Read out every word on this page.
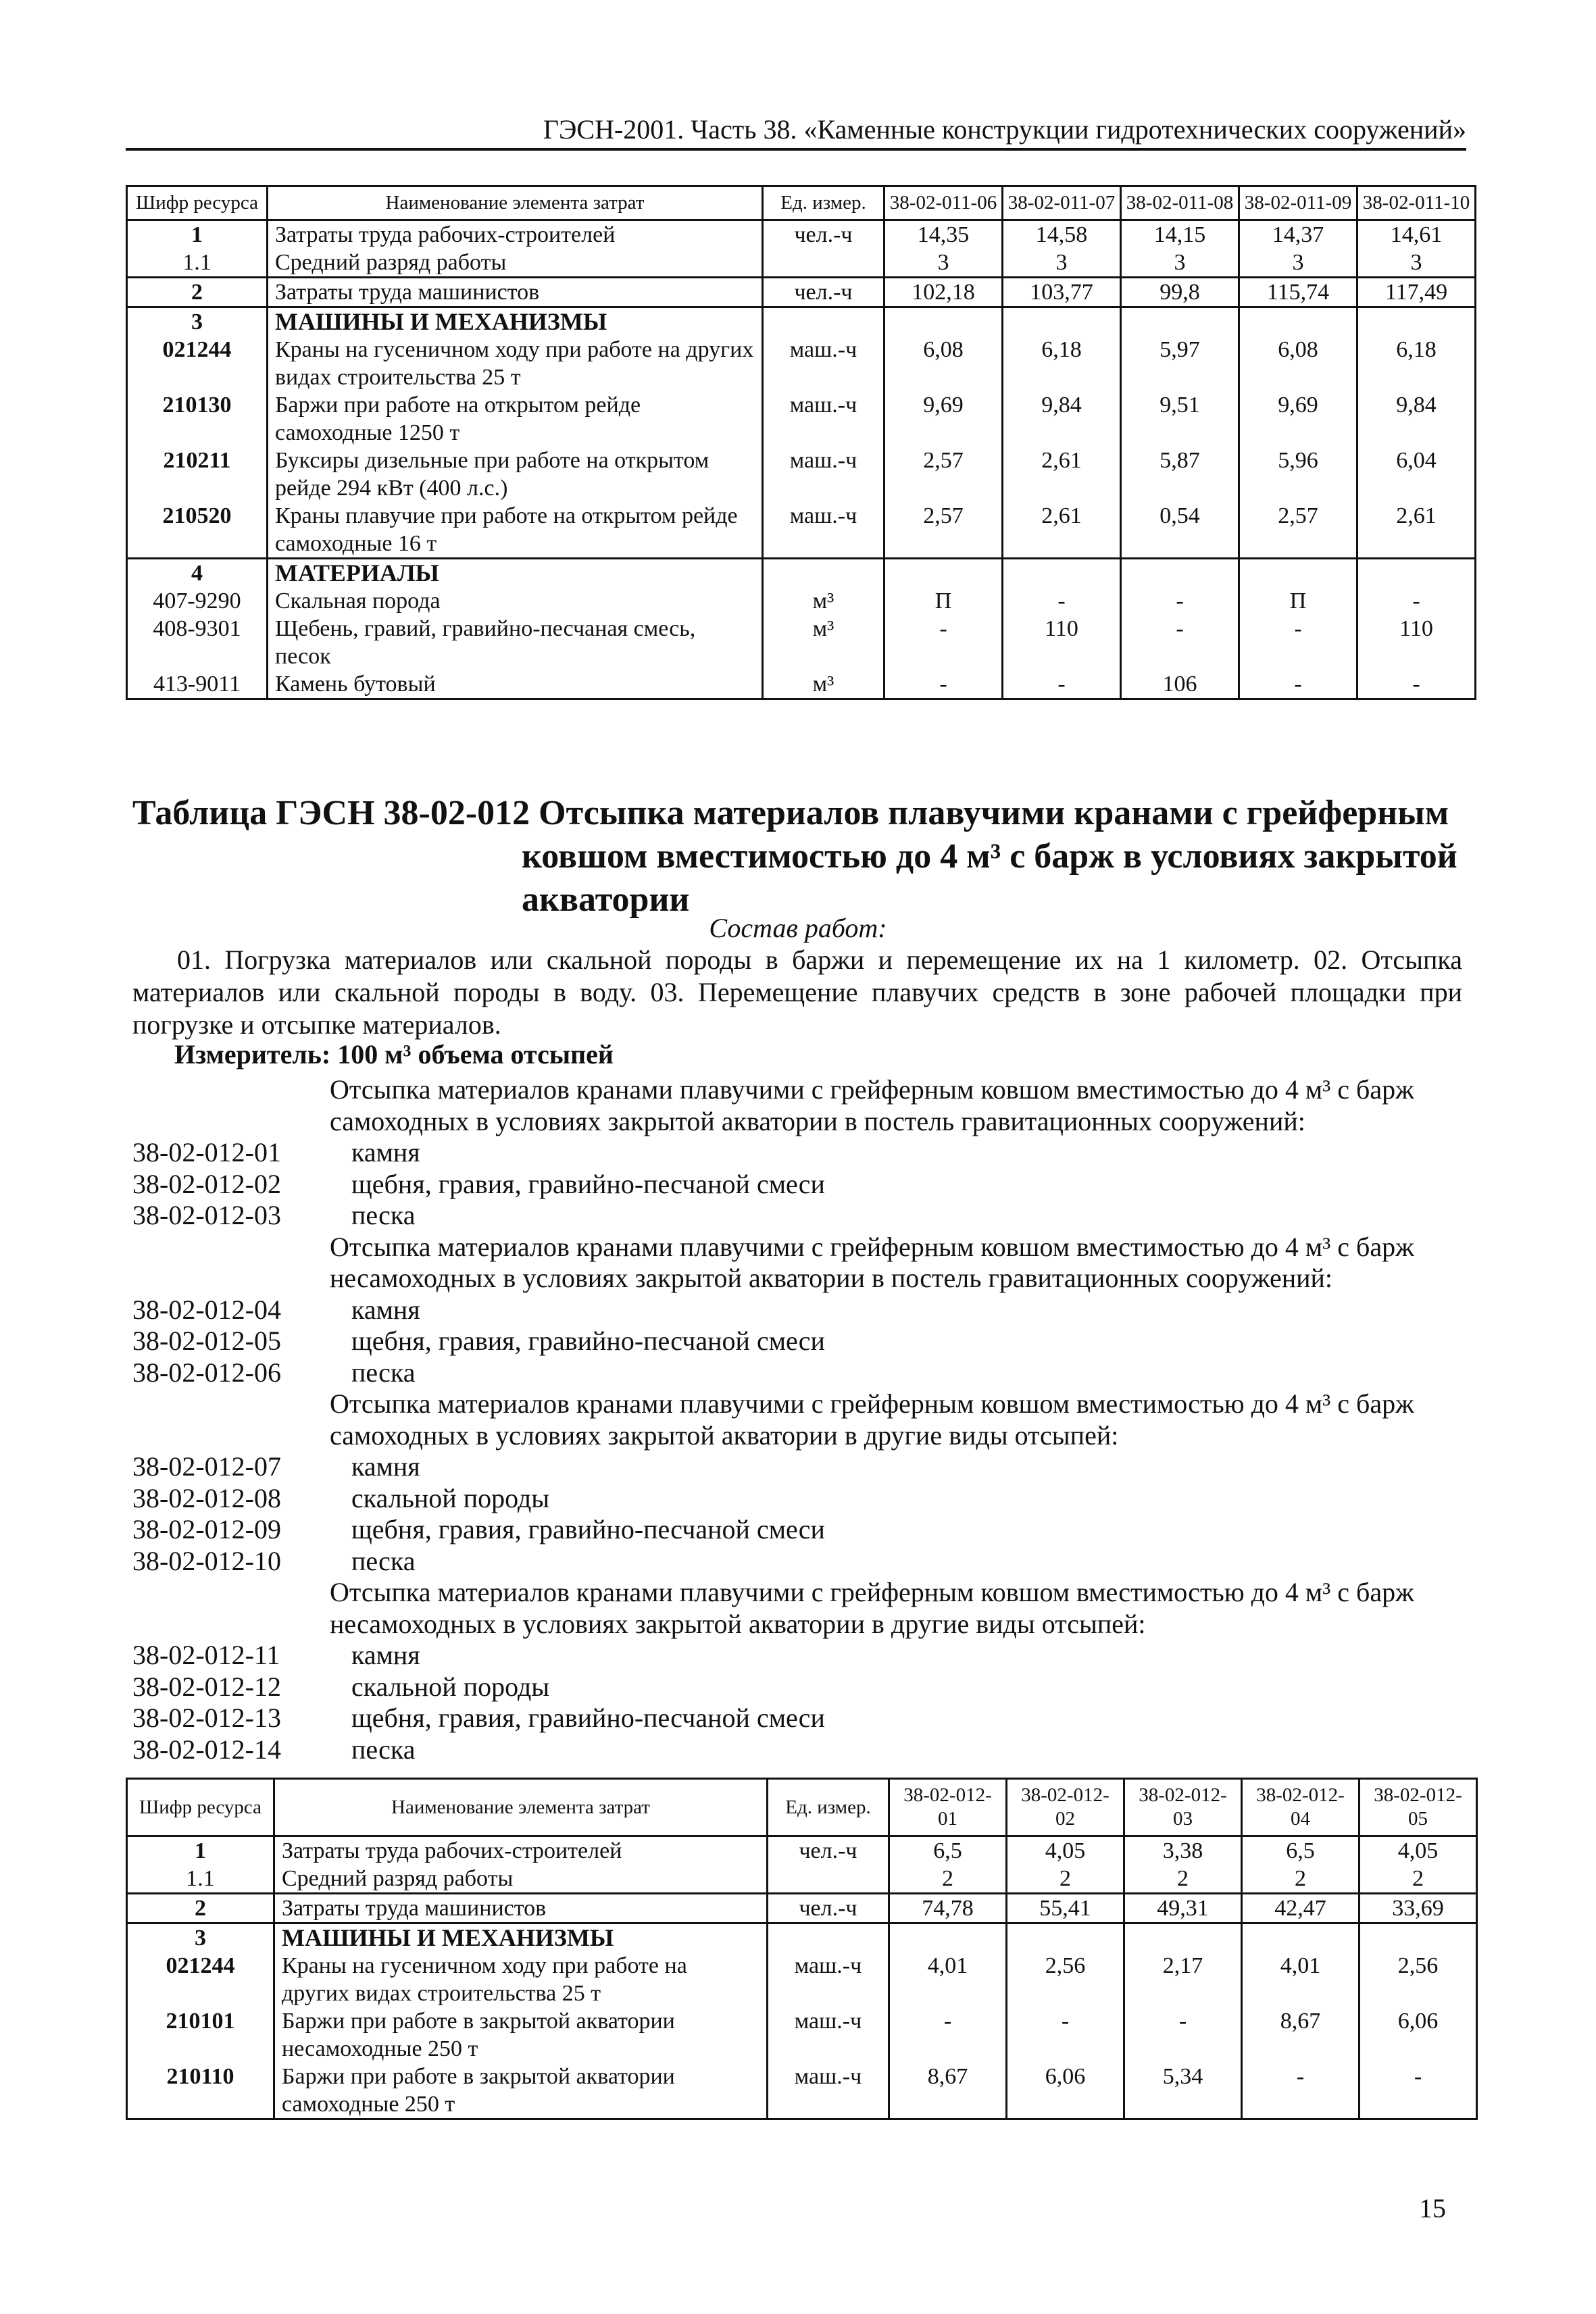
ГЭСН-2001. Часть 38. «Каменные конструкции гидротехнических сооружений»
Шифр ресурса	Наименование элемента затрат	Ед. измер.	38-02-011-06	38-02-011-07	38-02-011-08	38-02-011-09	38-02-011-10
1	Затраты труда рабочих-строителей	чел.-ч	14,35	14,58	14,15	14,37	14,61
1.1	Средний разряд работы		3	3	3	3	3
2	Затраты труда машинистов	чел.-ч	102,18	103,77	99,8	115,74	117,49
3	МАШИНЫ И МЕХАНИЗМЫ						
021244	Краны на гусеничном ходу при работе на других видах строительства 25 т	маш.-ч	6,08	6,18	5,97	6,08	6,18
210130	Баржи при работе на открытом рейде самоходные 1250 т	маш.-ч	9,69	9,84	9,51	9,69	9,84
210211	Буксиры дизельные при работе на открытом рейде 294 кВт (400 л.с.)	маш.-ч	2,57	2,61	5,87	5,96	6,04
210520	Краны плавучие при работе на открытом рейде самоходные 16 т	маш.-ч	2,57	2,61	0,54	2,57	2,61
4	МАТЕРИАЛЫ						
407-9290	Скальная порода	м³	П	-	-	П	-
408-9301	Щебень, гравий, гравийно-песчаная смесь, песок	м³	-	110	-	-	110
413-9011	Камень бутовый	м³	-	-	106	-	-
Таблица ГЭСН 38-02-012 Отсыпка материалов плавучими кранами с грейферным
ковшом вместимостью до 4 м³ с барж в условиях закрытой акватории
Состав работ:
01. Погрузка материалов или скальной породы в баржи и перемещение их на 1 километр. 02. Отсыпка материалов или скальной породы в воду. 03. Перемещение плавучих средств в зоне рабочей площадки при погрузке и отсыпке материалов.
Измеритель: 100 м³ объема отсыпей
Отсыпка материалов кранами плавучими с грейферным ковшом вместимостью до 4 м³ с барж самоходных в условиях закрытой акватории в постель гравитационных сооружений:
38-02-012-01	камня
38-02-012-02	щебня, гравия, гравийно-песчаной смеси
38-02-012-03	песка
Отсыпка материалов кранами плавучими с грейферным ковшом вместимостью до 4 м³ с барж несамоходных в условиях закрытой акватории в постель гравитационных сооружений:
38-02-012-04	камня
38-02-012-05	щебня, гравия, гравийно-песчаной смеси
38-02-012-06	песка
Отсыпка материалов кранами плавучими с грейферным ковшом вместимостью до 4 м³ с барж самоходных в условиях закрытой акватории в другие виды отсыпей:
38-02-012-07	камня
38-02-012-08	скальной породы
38-02-012-09	щебня, гравия, гравийно-песчаной смеси
38-02-012-10	песка
Отсыпка материалов кранами плавучими с грейферным ковшом вместимостью до 4 м³ с барж несамоходных в условиях закрытой акватории в другие виды отсыпей:
38-02-012-11	камня
38-02-012-12	скальной породы
38-02-012-13	щебня, гравия, гравийно-песчаной смеси
38-02-012-14	песка
Шифр ресурса	Наименование элемента затрат	Ед. измер.	38-02-012-01	38-02-012-02	38-02-012-03	38-02-012-04	38-02-012-05
1	Затраты труда рабочих-строителей	чел.-ч	6,5	4,05	3,38	6,5	4,05
1.1	Средний разряд работы		2	2	2	2	2
2	Затраты труда машинистов	чел.-ч	74,78	55,41	49,31	42,47	33,69
3	МАШИНЫ И МЕХАНИЗМЫ						
021244	Краны на гусеничном ходу при работе на других видах строительства 25 т	маш.-ч	4,01	2,56	2,17	4,01	2,56
210101	Баржи при работе в закрытой акватории несамоходные 250 т	маш.-ч	-	-	-	8,67	6,06
210110	Баржи при работе в закрытой акватории самоходные 250 т	маш.-ч	8,67	6,06	5,34	-	-
15
